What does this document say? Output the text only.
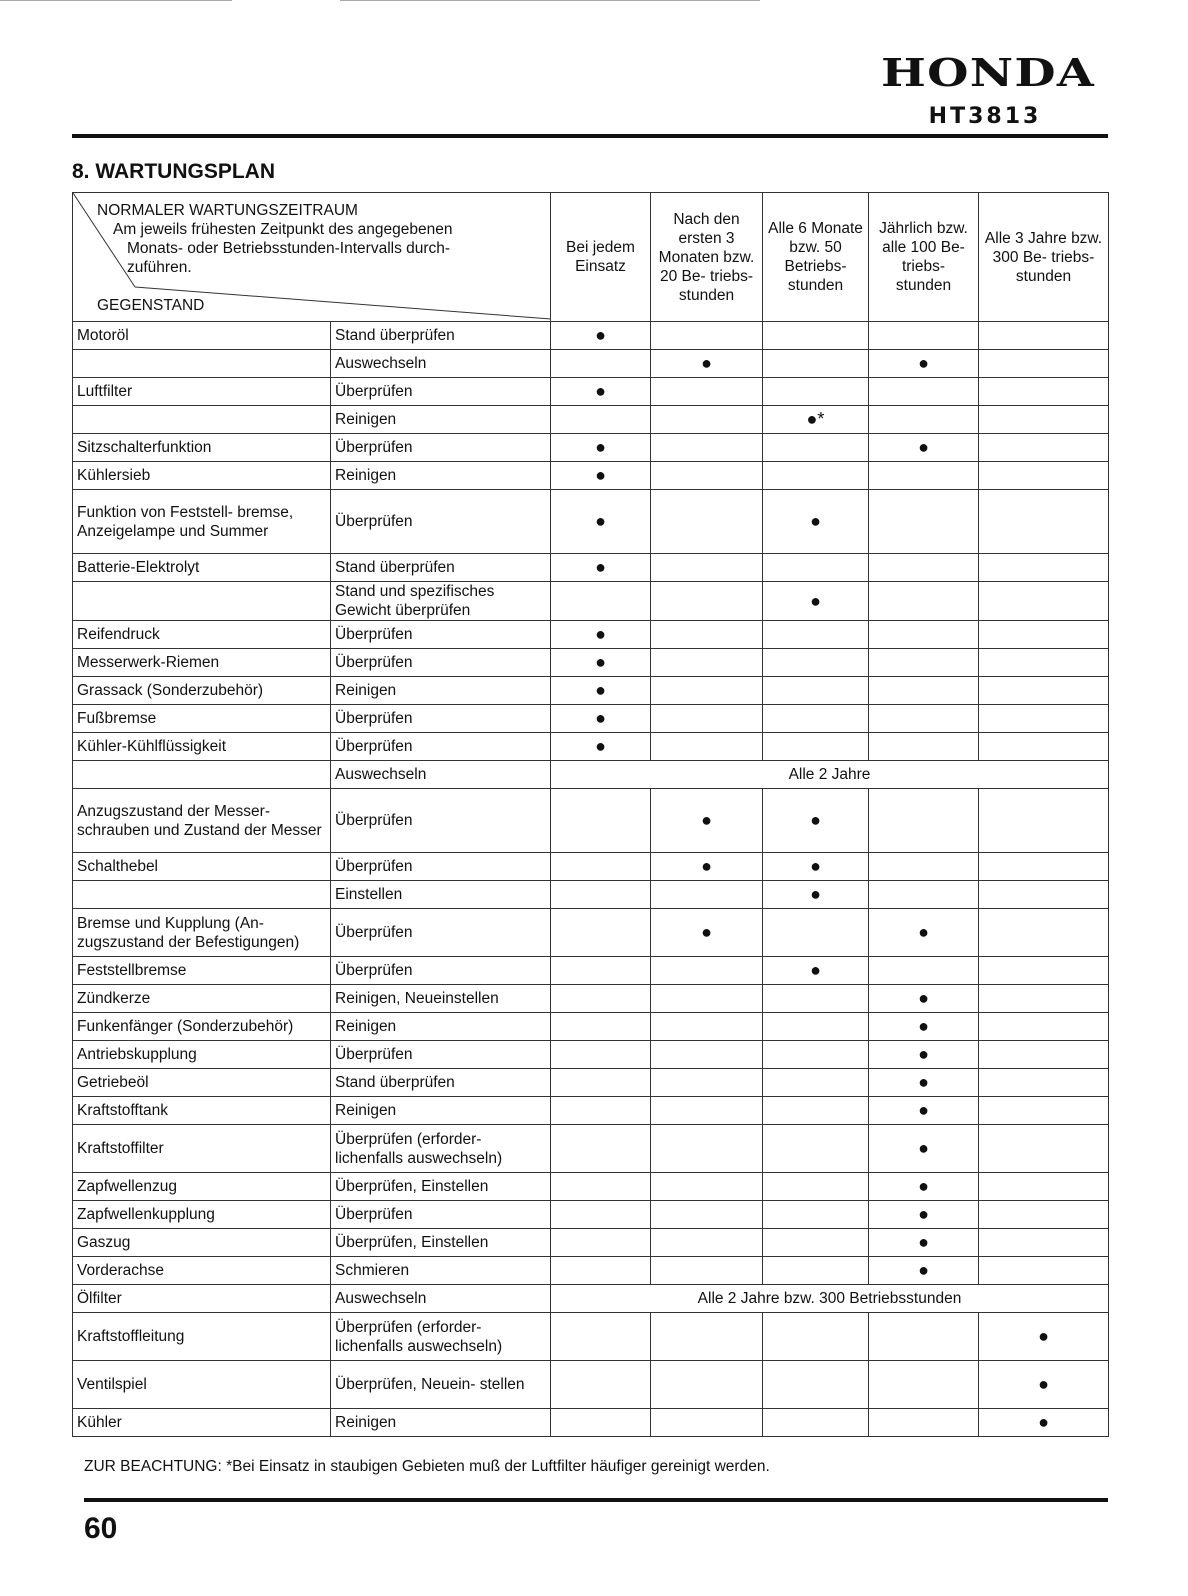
HONDA
HT3813
8. WARTUNGSPLAN
NORMALER WARTUNGSZEITRAUM
Am jeweils frühesten Zeitpunkt des angegebenen
Monats- oder Betriebsstunden-Intervalls durch-
zuführen.
GEGENSTAND		Bei jedem Einsatz	Nach den ersten 3 Monaten bzw. 20 Be- triebs- stunden	Alle 6 Monate bzw. 50 Betriebs- stunden	Jährlich bzw. alle 100 Be- triebs- stunden	Alle 3 Jahre bzw. 300 Be- triebs- stunden
Motoröl	Stand überprüfen	●				
	Auswechseln		●		●	
Luftfilter	Überprüfen	●				
	Reinigen			●*		
Sitzschalterfunktion	Überprüfen	●			●	
Kühlersieb	Reinigen	●				
Funktion von Feststell- bremse, Anzeigelampe und Summer	Überprüfen	●		●		
Batterie-Elektrolyt	Stand überprüfen	●				
	Stand und spezifisches Gewicht überprüfen			●		
Reifendruck	Überprüfen	●				
Messerwerk-Riemen	Überprüfen	●				
Grassack (Sonderzubehör)	Reinigen	●				
Fußbremse	Überprüfen	●				
Kühler-Kühlflüssigkeit	Überprüfen	●				
	Auswechseln	Alle 2 Jahre				
Anzugszustand der Messer- schrauben und Zustand der Messer	Überprüfen		●	●		
Schalthebel	Überprüfen		●	●		
	Einstellen			●		
Bremse und Kupplung (An- zugszustand der Befestigungen)	Überprüfen		●		●	
Feststellbremse	Überprüfen			●		
Zündkerze	Reinigen, Neueinstellen				●	
Funkenfänger (Sonderzubehör)	Reinigen				●	
Antriebskupplung	Überprüfen				●	
Getriebeöl	Stand überprüfen				●	
Kraftstofftank	Reinigen				●	
Kraftstoffilter	Überprüfen (erforder- lichenfalls auswechseln)				●	
Zapfwellenzug	Überprüfen, Einstellen				●	
Zapfwellenkupplung	Überprüfen				●	
Gaszug	Überprüfen, Einstellen				●	
Vorderachse	Schmieren				●	
Ölfilter	Auswechseln	Alle 2 Jahre bzw. 300 Betriebsstunden				
Kraftstoffleitung	Überprüfen (erforder- lichenfalls auswechseln)					●
Ventilspiel	Überprüfen, Neuein- stellen					●
Kühler	Reinigen					●
ZUR BEACHTUNG: *Bei Einsatz in staubigen Gebieten muß der Luftfilter häufiger gereinigt werden.
60
